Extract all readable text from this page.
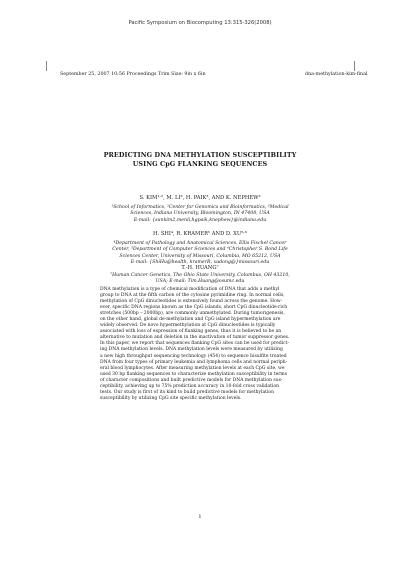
Pacific Symposium on Biocomputing 13:315-326(2008)
September 25, 2007 10:56 Proceedings Trim Size: 9in x 6in	dna-methylation-kim-final
PREDICTING DNA METHYLATION SUSCEPTIBILITY
USING CpG FLANKING SEQUENCES
S. KIM¹˒², M. LI³, H. PAIK³, AND K. NEPHEW³
¹School of Informatics, ²Center for Genomics and Bioinformatics, ³Medical
Sciences, Indiana University, Bloomington, IN 47408, USA
E-mail: {sunkim2,menli,hgpaik,knephew}@indiana.edu
H. SHI⁴, R. KRAMER⁵ AND D. XU⁵˒⁶
⁴Department of Pathology and Anatomical Sciences, Ellis Fischel Cancer
Center, ⁵Department of Computer Sciences and ⁶Christopher S. Bond Life
Sciences Center, University of Missouri, Columbia, MO 65212, USA
E-mail: {ShiHu@health, kramerR, xudong@}missouri.edu
T.-H. HUANG⁷
⁷Human Cancer Genetics, The Ohio State University, Columbus, OH 43210,
USA; E-mail: Tim.Huang@osumc.edu
DNA methylation is a type of chemical modification of DNA that adds a methyl
group to DNA at the fifth carbon of the cytosine pyrimidine ring. In normal cells,
methylation of CpG dinucleotides is extensively found across the genome. How-
ever, specific DNA regions known as the CpG islands, short CpG dinucleotide-rich
stretches (500bp – 2000bp), are commonly unmethylated. During tumorigenesis,
on the other hand, global de-methylation and CpG island hypermethylation are
widely observed. De novo hypermethylation at CpG dinucleotides is typically
associated with loss of expression of flanking genes, thus it is believed to be an
alternative to mutation and deletion in the inactivation of tumor suppressor genes.
In this paper, we report that sequences flanking CpG sites can be used for predict-
ing DNA methylation levels. DNA methylation levels were measured by utilizing
a new high throughput sequencing technology (454) to sequence bisulfite treated
DNA from four types of primary leukemia and lymphoma cells and normal periph-
eral blood lymphocytes. After measuring methylation levels at each CpG site, we
used 30 bp flanking sequences to characterize methylation susceptibility in terms
of character compositions and built predictive models for DNA methylation sus-
ceptibility, achieving up to 75% prediction accuracy in 10-fold cross validation
tests. Our study is first of its kind to build predictive models for methylation
susceptibility by utilizing CpG site specific methylation levels.
1
